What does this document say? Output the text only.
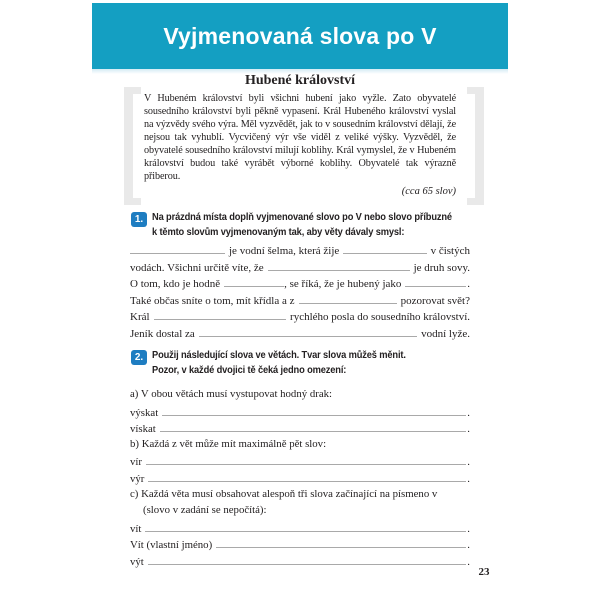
Vyjmenovaná slova po V
Hubené království
V Hubeném království byli všichni hubení jako vyžle. Zato obyvatelé sousedního království byli pěkně vypasení. Král Hubeného království vyslal na výzvědy svého výra. Měl vyzvědět, jak to v sousedním království dělají, že nejsou tak vyhublí. Vycvičený výr vše viděl z veliké výšky. Vyzvěděl, že obyvatelé sousedního království milují koblihy. Král vymyslel, že v Hubeném království budou také vyrábět výborné koblihy. Obyvatelé tak výrazně přiberou.
(cca 65 slov)
1. Na prázdná místa doplň vyjmenované slovo po V nebo slovo příbuzné
k těmto slovům vyjmenovaným tak, aby věty dávaly smysl:
je vodní šelma, která žije	v čistých
vodách. Všichni určitě víte, že	je druh sovy.
O tom, kdo je hodně	, se říká, že je hubený jako	.
Také občas sníte o tom, mít křídla a z	pozorovat svět?
Král	rychlého posla do sousedního království.
Jeník dostal za	vodní lyže.
2. Použij následující slova ve větách. Tvar slova můžeš měnit.
Pozor, v každé dvojici tě čeká jedno omezení:
a) V obou větách musí vystupovat hodný drak:
výskat	.
vískat	.
b) Každá z vět může mít maximálně pět slov:
vír	.
výr	.
c) Každá věta musí obsahovat alespoň tři slova začínající na písmeno v
(slovo v zadání se nepočítá):
vít	.
Vít (vlastní jméno)	.
výt	.
23
